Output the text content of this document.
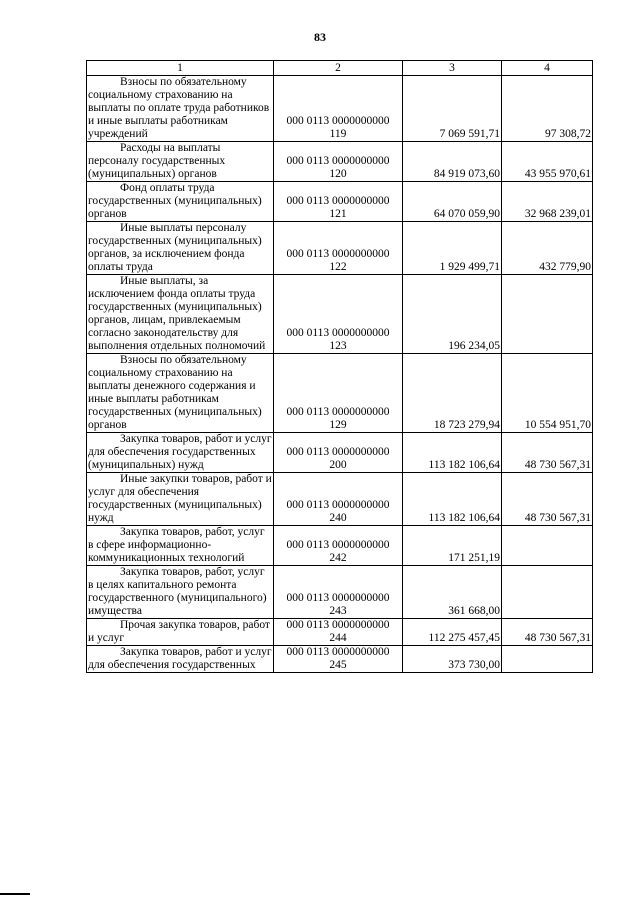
83
1	2	3	4
Взносы по обязательному социальному страхованию на выплаты по оплате труда работников и иные выплаты работникам учреждений	000 0113 0000000000
119	7 069 591,71	97 308,72
Расходы на выплаты персоналу государственных (муниципальных) органов	000 0113 0000000000
120	84 919 073,60	43 955 970,61
Фонд оплаты труда государственных (муниципальных) органов	000 0113 0000000000
121	64 070 059,90	32 968 239,01
Иные выплаты персоналу государственных (муниципальных) органов, за исключением фонда оплаты труда	000 0113 0000000000
122	1 929 499,71	432 779,90
Иные выплаты, за исключением фонда оплаты труда государственных (муниципальных) органов, лицам, привлекаемым согласно законодательству для выполнения отдельных полномочий	000 0113 0000000000
123	196 234,05	
Взносы по обязательному социальному страхованию на выплаты денежного содержания и иные выплаты работникам государственных (муниципальных) органов	000 0113 0000000000
129	18 723 279,94	10 554 951,70
Закупка товаров, работ и услуг для обеспечения государственных (муниципальных) нужд	000 0113 0000000000
200	113 182 106,64	48 730 567,31
Иные закупки товаров, работ и услуг для обеспечения государственных (муниципальных) нужд	000 0113 0000000000
240	113 182 106,64	48 730 567,31
Закупка товаров, работ, услуг в сфере информационно-коммуникационных технологий	000 0113 0000000000
242	171 251,19	
Закупка товаров, работ, услуг в целях капитального ремонта государственного (муниципального) имущества	000 0113 0000000000
243	361 668,00	
Прочая закупка товаров, работ и услуг	000 0113 0000000000
244	112 275 457,45	48 730 567,31
Закупка товаров, работ и услуг для обеспечения государственных	000 0113 0000000000
245	373 730,00	
